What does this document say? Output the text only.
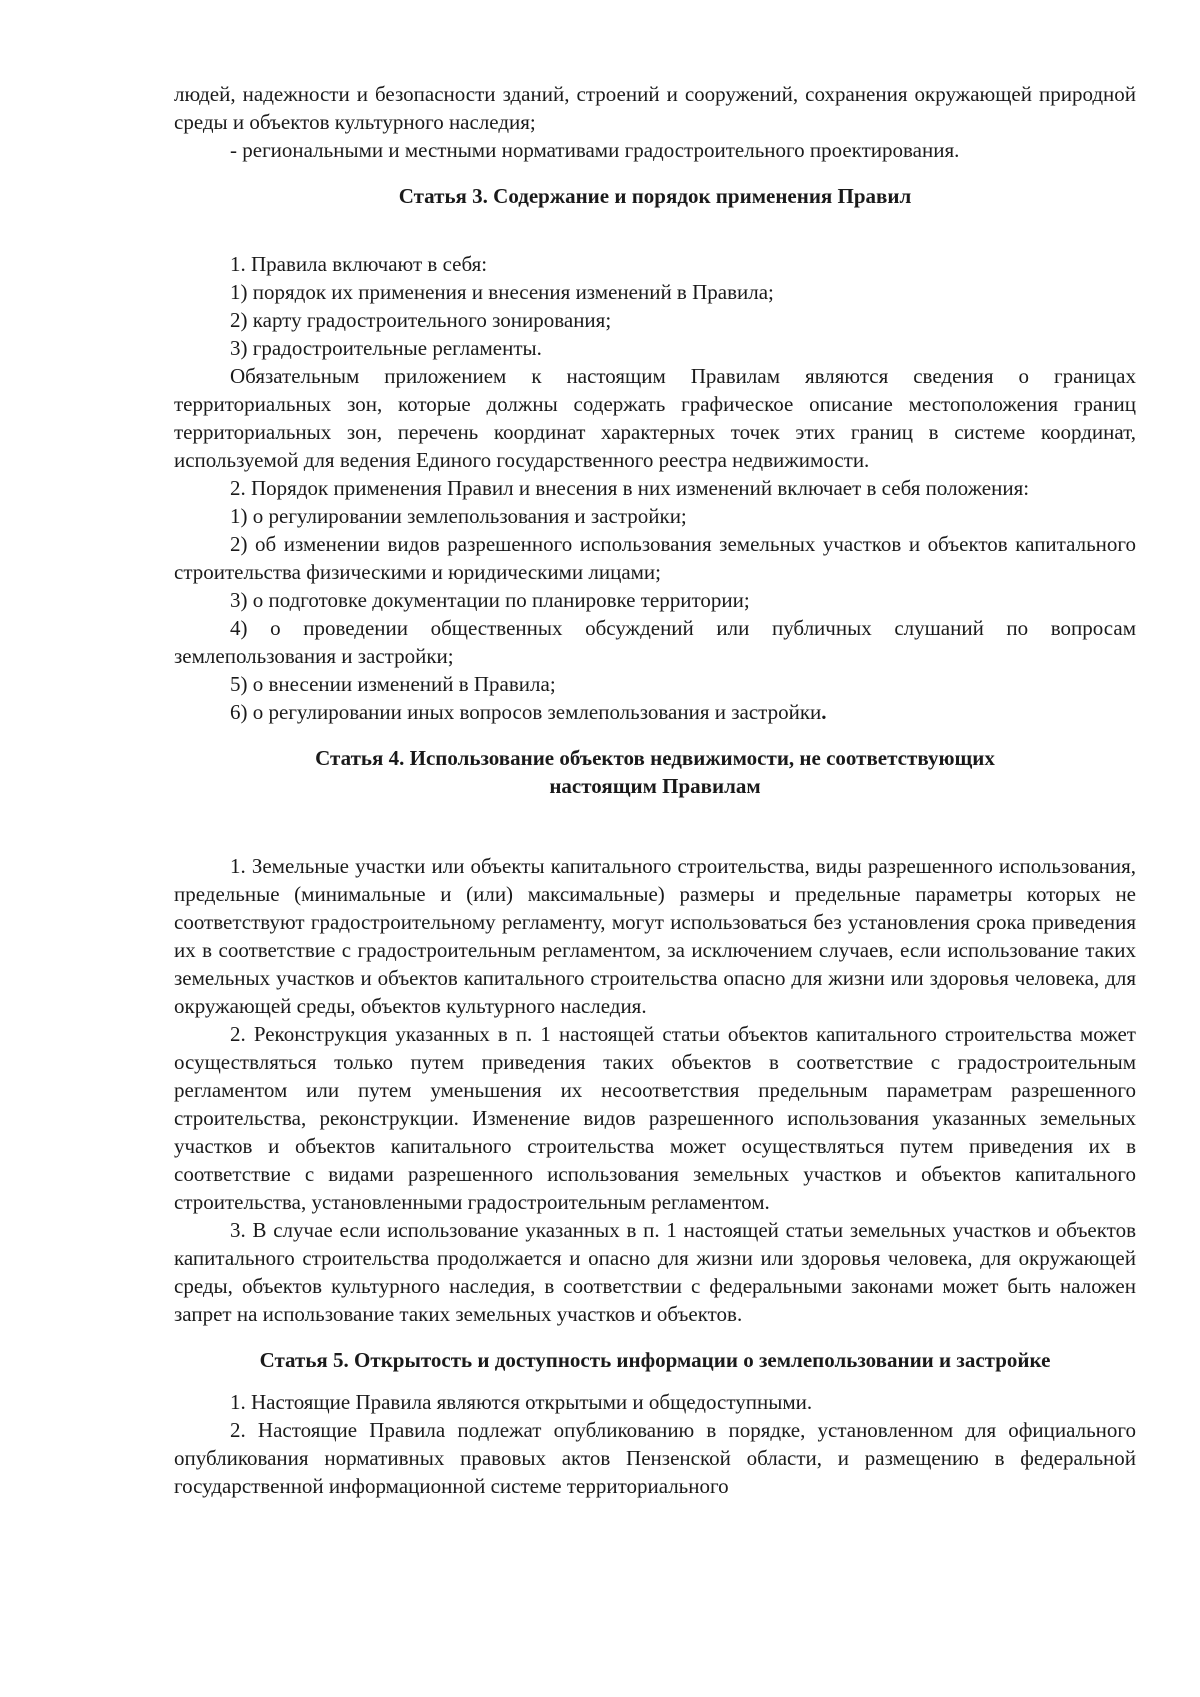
людей, надежности и безопасности зданий, строений и сооружений, сохранения окружающей природной среды и объектов культурного наследия;

- региональными и местными нормативами градостроительного проектирования.

Статья 3. Содержание и порядок применения Правил

1. Правила включают в себя:

1) порядок их применения и внесения изменений в Правила;

2) карту градостроительного зонирования;

3) градостроительные регламенты.

Обязательным приложением к настоящим Правилам являются сведения о границах территориальных зон, которые должны содержать графическое описание местоположения границ территориальных зон, перечень координат характерных точек этих границ в системе координат, используемой для ведения Единого государственного реестра недвижимости.

2. Порядок применения Правил и внесения в них изменений включает в себя положения:

1) о регулировании землепользования и застройки;

2) об изменении видов разрешенного использования земельных участков и объектов капитального строительства физическими и юридическими лицами;

3) о подготовке документации по планировке территории;

4) о проведении общественных обсуждений или публичных слушаний по вопросам землепользования и застройки;

5) о внесении изменений в Правила;

6) о регулировании иных вопросов землепользования и застройки.

Статья 4. Использование объектов недвижимости, не соответствующих
настоящим Правилам

1. Земельные участки или объекты капитального строительства, виды разрешенного использования, предельные (минимальные и (или) максимальные) размеры и предельные параметры которых не соответствуют градостроительному регламенту, могут использоваться без установления срока приведения их в соответствие с градостроительным регламентом, за исключением случаев, если использование таких земельных участков и объектов капитального строительства опасно для жизни или здоровья человека, для окружающей среды, объектов культурного наследия.

2. Реконструкция указанных в п. 1 настоящей статьи объектов капитального строительства может осуществляться только путем приведения таких объектов в соответствие с градостроительным регламентом или путем уменьшения их несоответствия предельным параметрам разрешенного строительства, реконструкции. Изменение видов разрешенного использования указанных земельных участков и объектов капитального строительства может осуществляться путем приведения их в соответствие с видами разрешенного использования земельных участков и объектов капитального строительства, установленными градостроительным регламентом.

3. В случае если использование указанных в п. 1 настоящей статьи земельных участков и объектов капитального строительства продолжается и опасно для жизни или здоровья человека, для окружающей среды, объектов культурного наследия, в соответствии с федеральными законами может быть наложен запрет на использование таких земельных участков и объектов.

Статья 5. Открытость и доступность информации о землепользовании и застройке

1. Настоящие Правила являются открытыми и общедоступными.

2. Настоящие Правила подлежат опубликованию в порядке, установленном для официального опубликования нормативных правовых актов Пензенской области, и размещению в федеральной государственной информационной системе территориального
